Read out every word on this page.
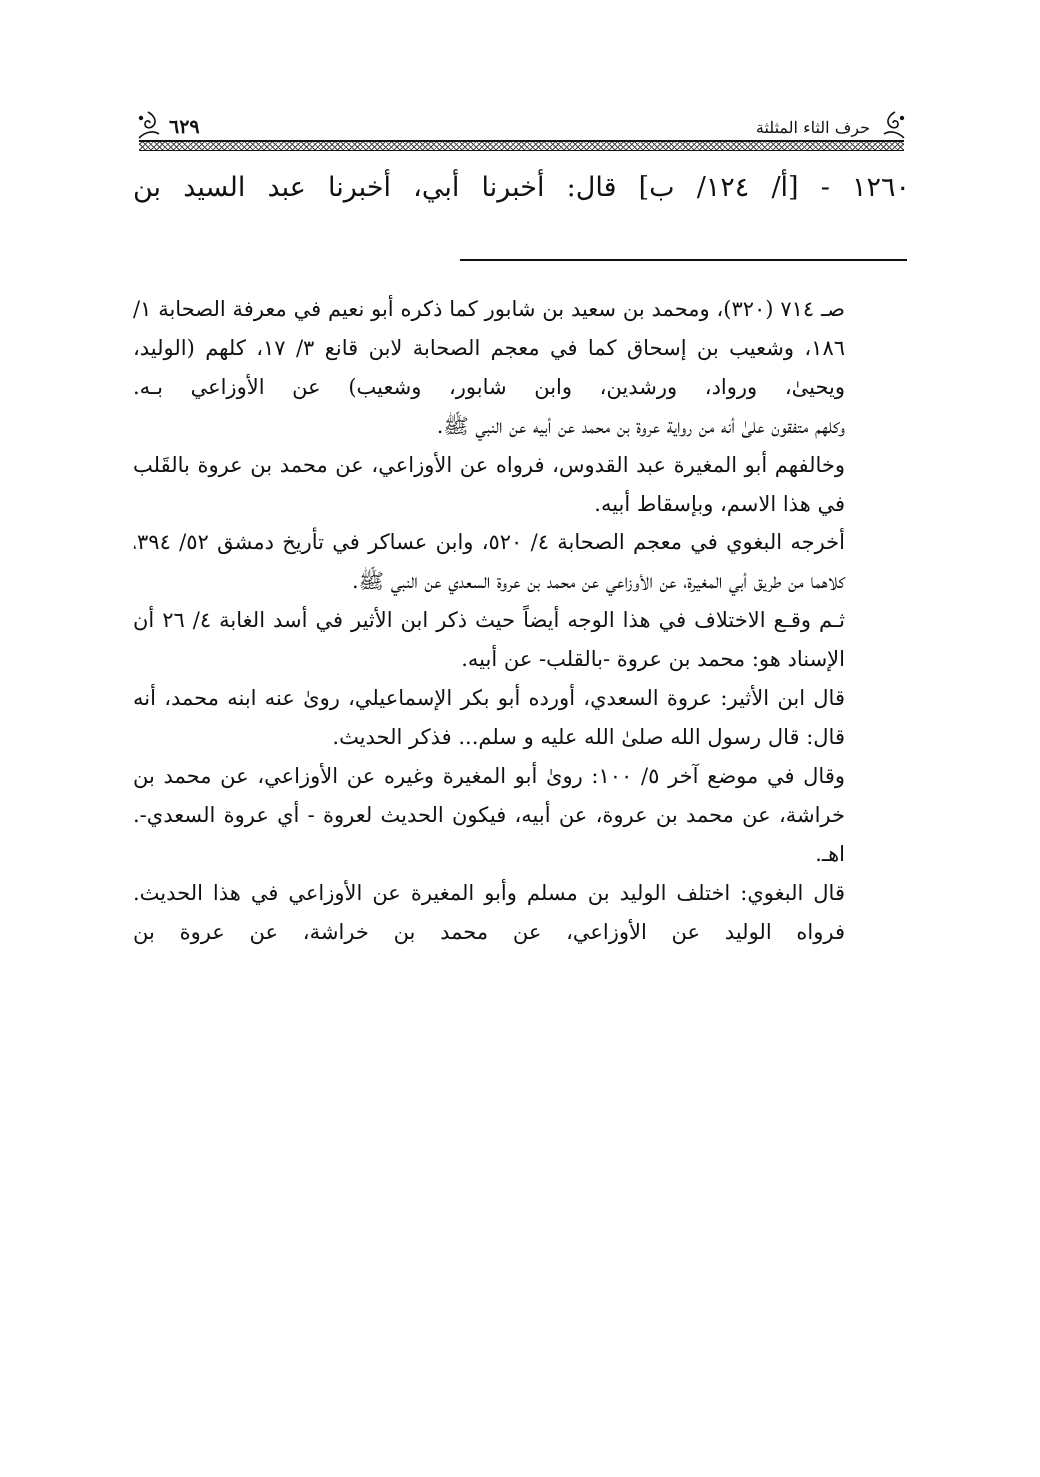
حرف الثاء المثلثة
٦٢٩
١٢٦٠ - [أ/ ١٢٤/ ب] قال: أخبرنا أبي، أخبرنا عبد السيد بن

صـ ٧١٤ (٣٢٠)، ومحمد بن سعيد بن شابور كما ذكره أبو نعيم في معرفة الصحابة ١/ ١٨٦، وشعيب بن إسحاق كما في معجم الصحابة لابن قانع ٣/ ١٧، كلهم (الوليد، ويحيىٰ، ورواد، ورشدين، وابن شابور، وشعيب) عن الأوزاعي بـه.

وكلهم متفقون علىٰ أنه من رواية عروة بن محمد عن أبيه عن النبي ﷺ.

وخالفهم أبو المغيرة عبد القدوس، فرواه عن الأوزاعي، عن محمد بن عروة بالقَلب في هذا الاسم، وبإسقاط أبيه.

أخرجه البغوي في معجم الصحابة ٤/ ٥٢٠، وابن عساكر في تأريخ دمشق ٥٢/ ٣٩٤، كلاهما من طريق أبي المغيرة، عن الأوزاعي عن محمد بن عروة السعدي عن النبي ﷺ.

ثـم وقـع الاختلاف في هذا الوجه أيضاً حيث ذكر ابن الأثير في أسد الغابة ٤/ ٢٦ أن الإسناد هو: محمد بن عروة -بالقلب- عن أبيه.

قال ابن الأثير: عروة السعدي، أورده أبو بكر الإسماعيلي، روىٰ عنه ابنه محمد، أنه قال: قال رسول الله صلىٰ الله عليه و سلم... فذكر الحديث.

وقال في موضع آخر ٥/ ١٠٠: روىٰ أبو المغيرة وغيره عن الأوزاعي، عن محمد بن خراشة، عن محمد بن عروة، عن أبيه، فيكون الحديث لعروة - أي عروة السعدي-. اهـ.

قال البغوي: اختلف الوليد بن مسلم وأبو المغيرة عن الأوزاعي في هذا الحديث. فرواه الوليد عن الأوزاعي، عن محمد بن خراشة، عن عروة بن
